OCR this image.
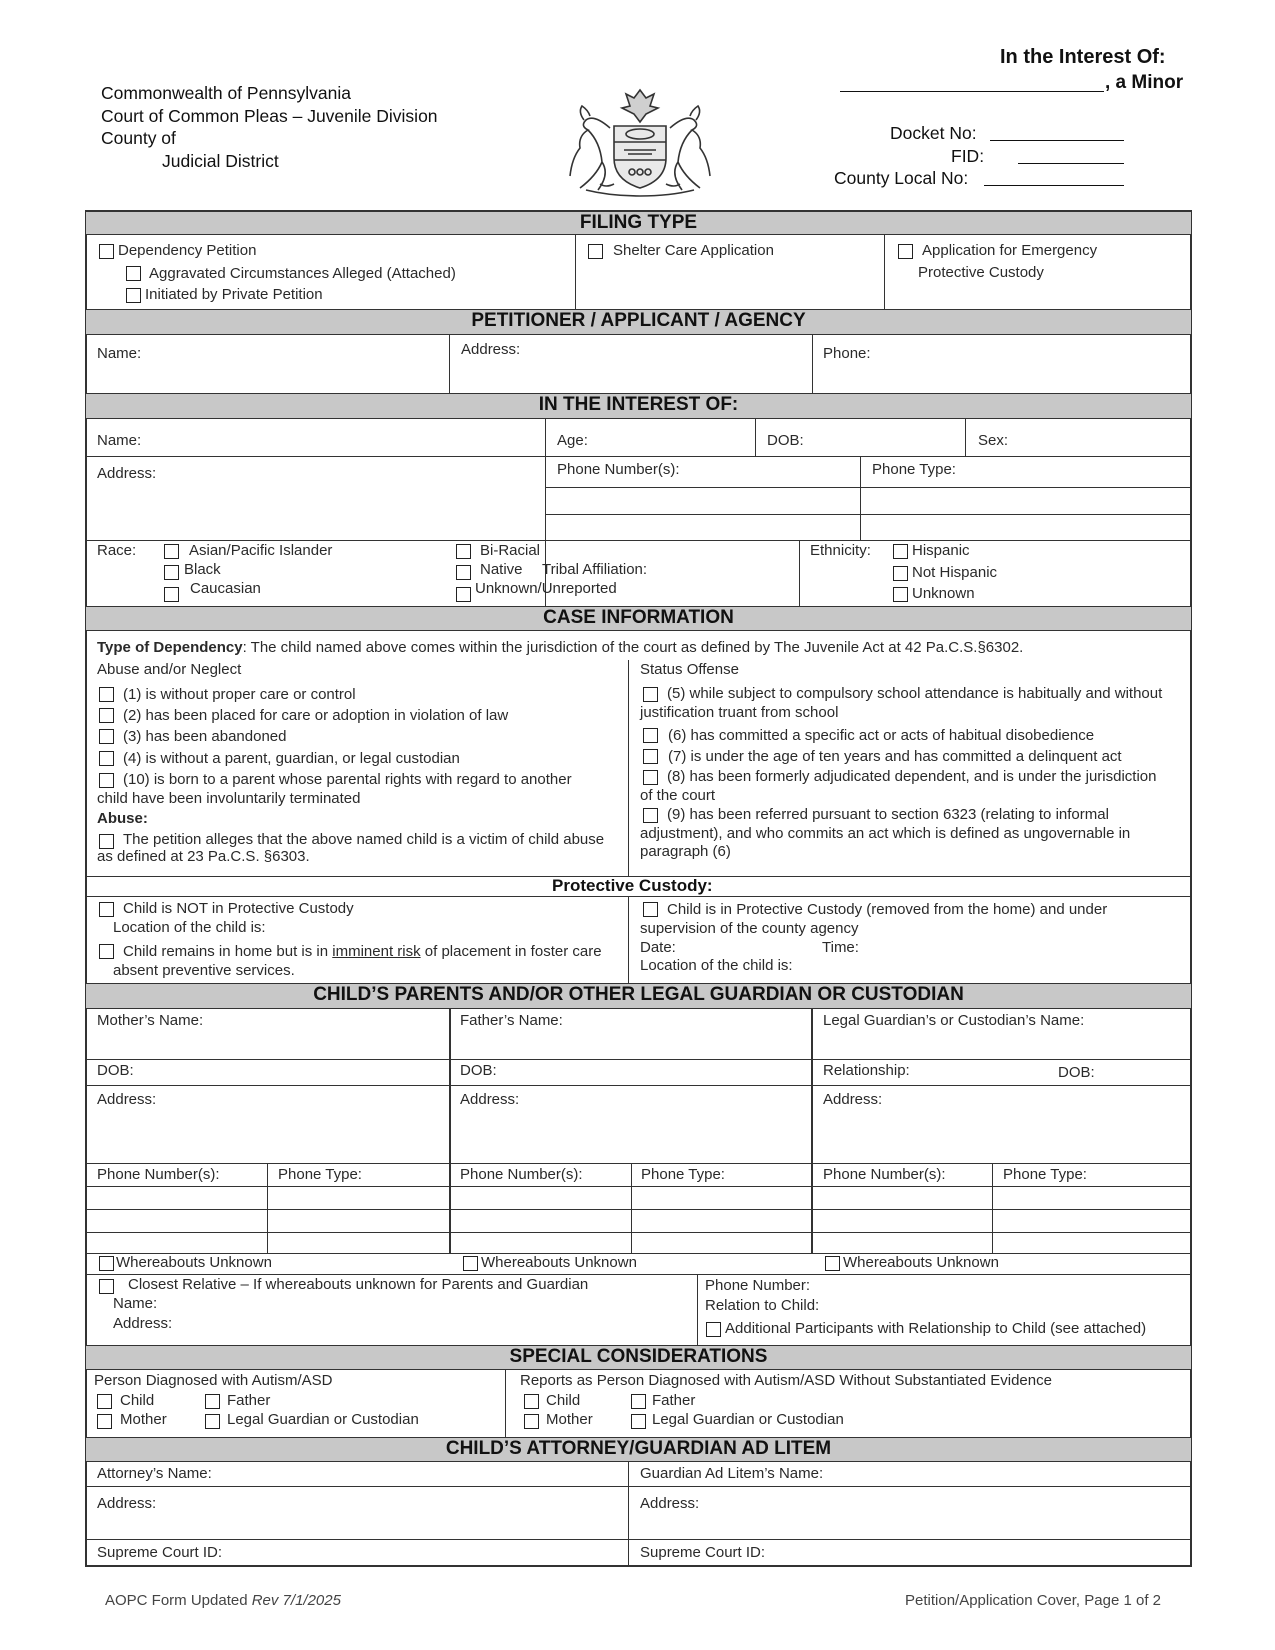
Commonwealth of Pennsylvania
Court of Common Pleas – Juvenile Division
County of
Judicial District
In the Interest Of:
, a Minor
Docket No:
FID:
County Local No:
FILING TYPE
Dependency Petition
Aggravated Circumstances Alleged (Attached)
Initiated by Private Petition
Shelter Care Application	Application for Emergency
Protective Custody
PETITIONER / APPLICANT / AGENCY
Name:	Address:	Phone:
IN THE INTEREST OF:
Name:	Age:	DOB:	Sex:
Address:	Phone Number(s):	Phone Type:
Race:	Asian/Pacific Islander
Black
Caucasian
Bi-Racial
Native Tribal Affiliation:
Unknown/Unreported
Ethnicity:	Hispanic
Not Hispanic
Unknown
CASE INFORMATION
Type of Dependency: The child named above comes within the jurisdiction of the court as defined by The Juvenile Act at 42 Pa.C.S.§6302.
Abuse and/or Neglect	Status Offense
(1) is without proper care or control
(2) has been placed for care or adoption in violation of law
(3) has been abandoned
(4) is without a parent, guardian, or legal custodian
(10) is born to a parent whose parental rights with regard to another child have been involuntarily terminated
Abuse:
The petition alleges that the above named child is a victim of child abuse as defined at 23 Pa.C.S. §6303.
(5) while subject to compulsory school attendance is habitually and without justification truant from school
(6) has committed a specific act or acts of habitual disobedience
(7) is under the age of ten years and has committed a delinquent act
(8) has been formerly adjudicated dependent, and is under the jurisdiction of the court
(9) has been referred pursuant to section 6323 (relating to informal adjustment), and who commits an act which is defined as ungovernable in paragraph (6)
Protective Custody:
Child is NOT in Protective Custody
Location of the child is:
Child remains in home but is in imminent risk of placement in foster care absent preventive services.
Child is in Protective Custody (removed from the home) and under supervision of the county agency
Date:	Time:
Location of the child is:
CHILD’S PARENTS AND/OR OTHER LEGAL GUARDIAN OR CUSTODIAN
Mother’s Name:	Father’s Name:	Legal Guardian’s or Custodian’s Name:
DOB:	DOB:	Relationship:	DOB:
Address:	Address:	Address:
Phone Number(s):	Phone Type:	Phone Number(s):	Phone Type:	Phone Number(s):	Phone Type:
Whereabouts Unknown	Whereabouts Unknown	Whereabouts Unknown
Closest Relative – If whereabouts unknown for Parents and Guardian
Name:
Address:
Phone Number:
Relation to Child:
Additional Participants with Relationship to Child (see attached)
SPECIAL CONSIDERATIONS
Person Diagnosed with Autism/ASD
Child	Father
Mother	Legal Guardian or Custodian
Reports as Person Diagnosed with Autism/ASD Without Substantiated Evidence
Child	Father
Mother	Legal Guardian or Custodian
CHILD’S ATTORNEY/GUARDIAN AD LITEM
Attorney’s Name:	Guardian Ad Litem’s Name:
Address:	Address:
Supreme Court ID:	Supreme Court ID:
AOPC Form Updated Rev 7/1/2025	Petition/Application Cover, Page 1 of 2
